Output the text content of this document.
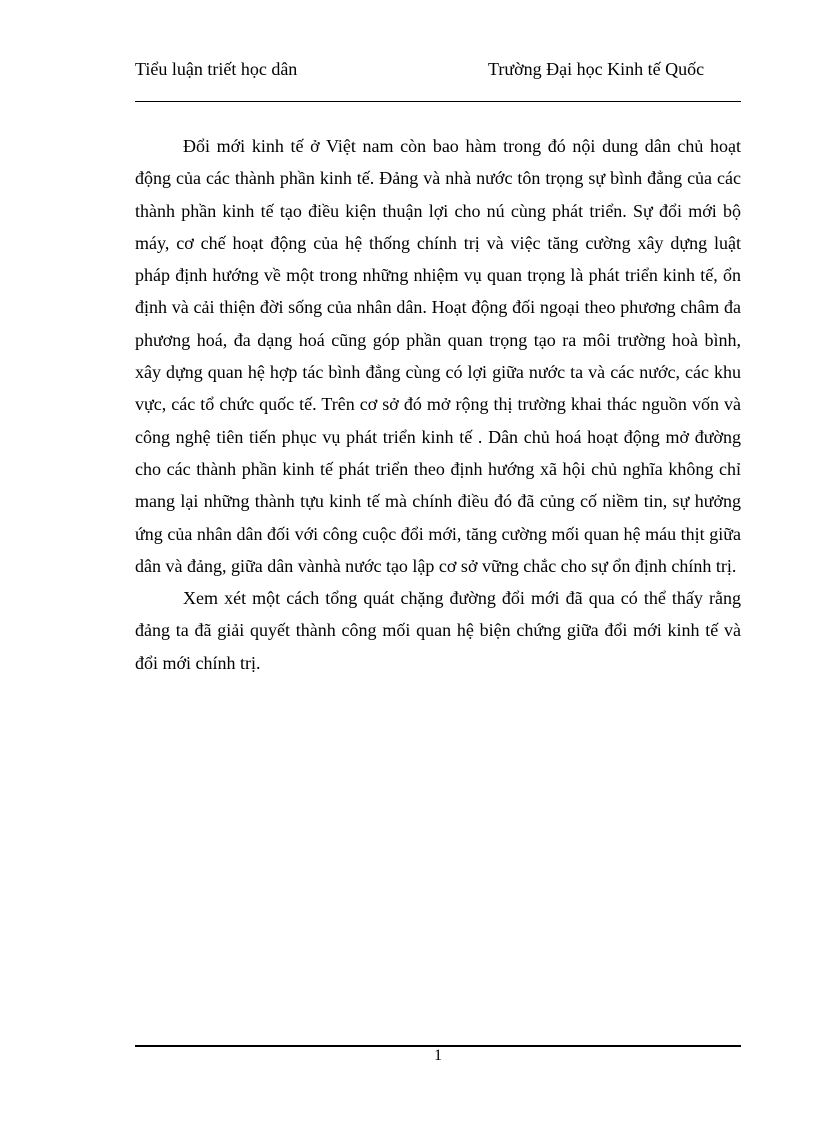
Tiểu luận triết học dân	Trường Đại học Kinh tế Quốc

Đổi mới kinh tế ở Việt nam còn bao hàm trong đó nội dung dân chủ hoạt động của các thành phần kinh tế. Đảng và nhà nước tôn trọng sự bình đẳng của các thành phần kinh tế tạo điều kiện thuận lợi cho nú cùng phát triển. Sự đổi mới bộ máy, cơ chế hoạt động của hệ thống chính trị và việc tăng cường xây dựng luật pháp định hướng về một trong những nhiệm vụ quan trọng là phát triển kinh tế, ổn định và cải thiện đời sống của nhân dân. Hoạt động đối ngoại theo phương châm đa phương hoá, đa dạng hoá cũng góp phần quan trọng tạo ra môi trường hoà bình, xây dựng quan hệ hợp tác bình đẳng cùng có lợi giữa nước ta và các nước, các khu vực, các tổ chức quốc tế. Trên cơ sở đó mở rộng thị trường khai thác nguồn vốn và công nghệ tiên tiến phục vụ phát triển kinh tế . Dân chủ hoá hoạt động mở đường cho các thành phần kinh tế phát triển theo định hướng xã hội chủ nghĩa không chỉ mang lại những thành tựu kinh tế mà chính điều đó đã củng cố niềm tin, sự hưởng ứng của nhân dân đối với công cuộc đổi mới, tăng cường mối quan hệ máu thịt giữa dân và đảng, giữa dân vànhà nước tạo lập cơ sở vững chắc cho sự ổn định chính trị.

Xem xét một cách tổng quát chặng đường đổi mới đã qua có thể thấy rằng đảng ta đã giải quyết thành công mối quan hệ biện chứng giữa đổi mới kinh tế và đổi mới chính trị.

1
